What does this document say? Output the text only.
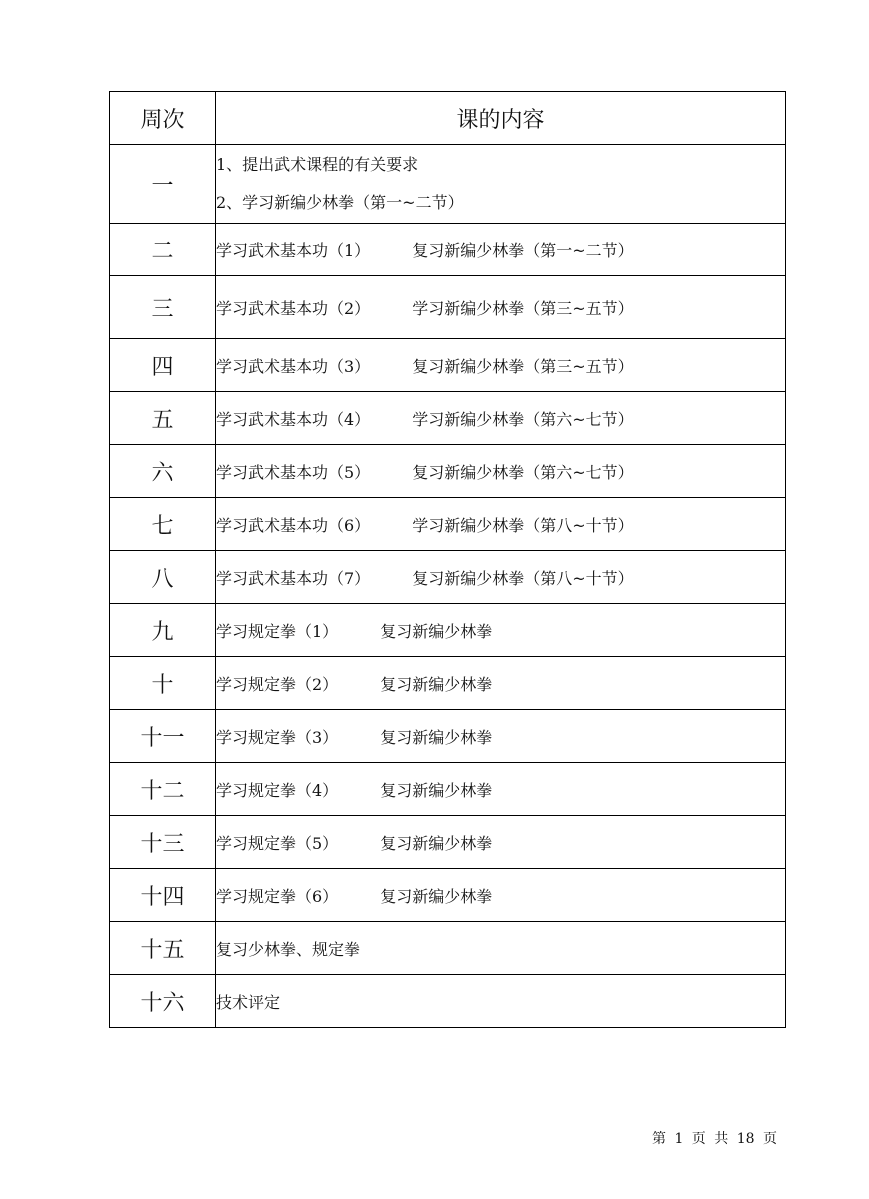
周次	课的内容
一	1、提出武术课程的有关要求
2、学习新编少林拳（第一~二节）

二	学习武术基本功（1） 复习新编少林拳（第一~二节）
三	学习武术基本功（2） 学习新编少林拳（第三~五节）
四	学习武术基本功（3） 复习新编少林拳（第三~五节）
五	学习武术基本功（4） 学习新编少林拳（第六~七节）
六	学习武术基本功（5） 复习新编少林拳（第六~七节）
七	学习武术基本功（6） 学习新编少林拳（第八~十节）
八	学习武术基本功（7） 复习新编少林拳（第八~十节）
九	学习规定拳（1） 复习新编少林拳
十	学习规定拳（2） 复习新编少林拳
十一	学习规定拳（3） 复习新编少林拳
十二	学习规定拳（4） 复习新编少林拳
十三	学习规定拳（5） 复习新编少林拳
十四	学习规定拳（6） 复习新编少林拳
十五	复习少林拳、规定拳
十六	技术评定
第 1 页 共 18 页
